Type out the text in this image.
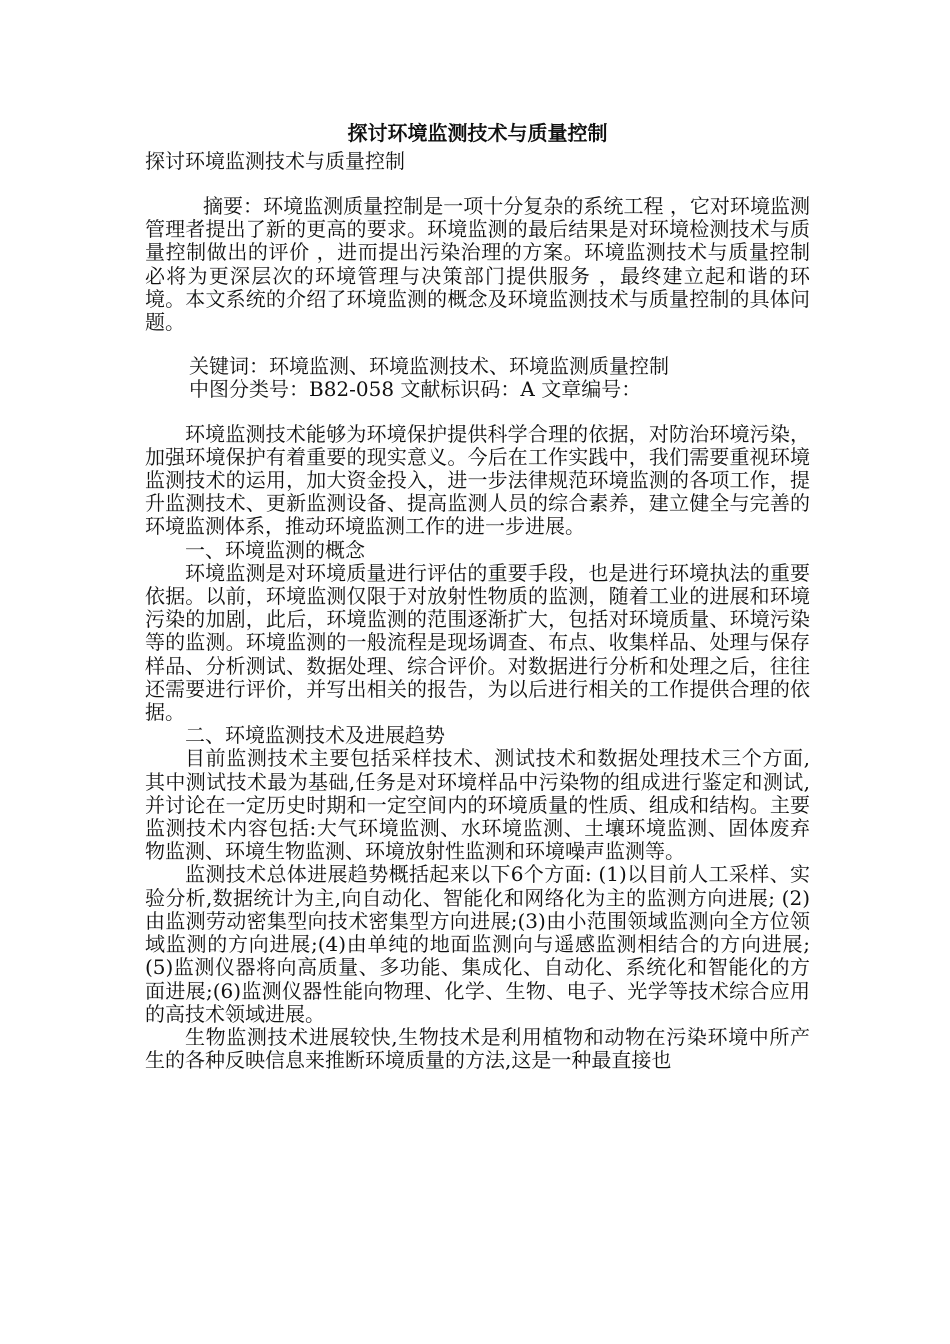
探讨环境监测技术与质量控制

探讨环境监测技术与质量控制

摘要：环境监测质量控制是一项十分复杂的系统工程 ，它对环境监测管理者提出了新的更高的要求。环境监测的最后结果是对环境检测技术与质量控制做出的评价 ，进而提出污染治理的方案。环境监测技术与质量控制必将为更深层次的环境管理与决策部门提供服务 ，最终建立起和谐的环境。本文系统的介绍了环境监测的概念及环境监测技术与质量控制的具体问题。

关键词：环境监测、环境监测技术、环境监测质量控制

中图分类号：B82-058 文献标识码：A 文章编号：

环境监测技术能够为环境保护提供科学合理的依据，对防治环境污染，加强环境保护有着重要的现实意义。今后在工作实践中，我们需要重视环境监测技术的运用，加大资金投入，进一步法律规范环境监测的各项工作，提升监测技术、更新监测设备、提高监测人员的综合素养，建立健全与完善的环境监测体系，推动环境监测工作的进一步进展。

一、环境监测的概念

环境监测是对环境质量进行评估的重要手段，也是进行环境执法的重要依据。以前，环境监测仅限于对放射性物质的监测，随着工业的进展和环境污染的加剧，此后，环境监测的范围逐渐扩大，包括对环境质量、环境污染等的监测。环境监测的一般流程是现场调查、布点、收集样品、处理与保存样品、分析测试、数据处理、综合评价。对数据进行分析和处理之后，往往还需要进行评价，并写出相关的报告，为以后进行相关的工作提供合理的依据。

二、环境监测技术及进展趋势

目前监测技术主要包括采样技术、测试技术和数据处理技术三个方面,其中测试技术最为基础,任务是对环境样品中污染物的组成进行鉴定和测试,并讨论在一定历史时期和一定空间内的环境质量的性质、组成和结构。主要监测技术内容包括:大气环境监测、水环境监测、土壤环境监测、固体废弃物监测、环境生物监测、环境放射性监测和环境噪声监测等。

监测技术总体进展趋势概括起来以下6个方面: (1)以目前人工采样、实验分析,数据统计为主,向自动化、智能化和网络化为主的监测方向进展; (2)由监测劳动密集型向技术密集型方向进展;(3)由小范围领域监测向全方位领域监测的方向进展;(4)由单纯的地面监测向与遥感监测相结合的方向进展;(5)监测仪器将向高质量、多功能、集成化、自动化、系统化和智能化的方面进展;(6)监测仪器性能向物理、化学、生物、电子、光学等技术综合应用的高技术领域进展。

生物监测技术进展较快,生物技术是利用植物和动物在污染环境中所产生的各种反映信息来推断环境质量的方法,这是一种最直接也
